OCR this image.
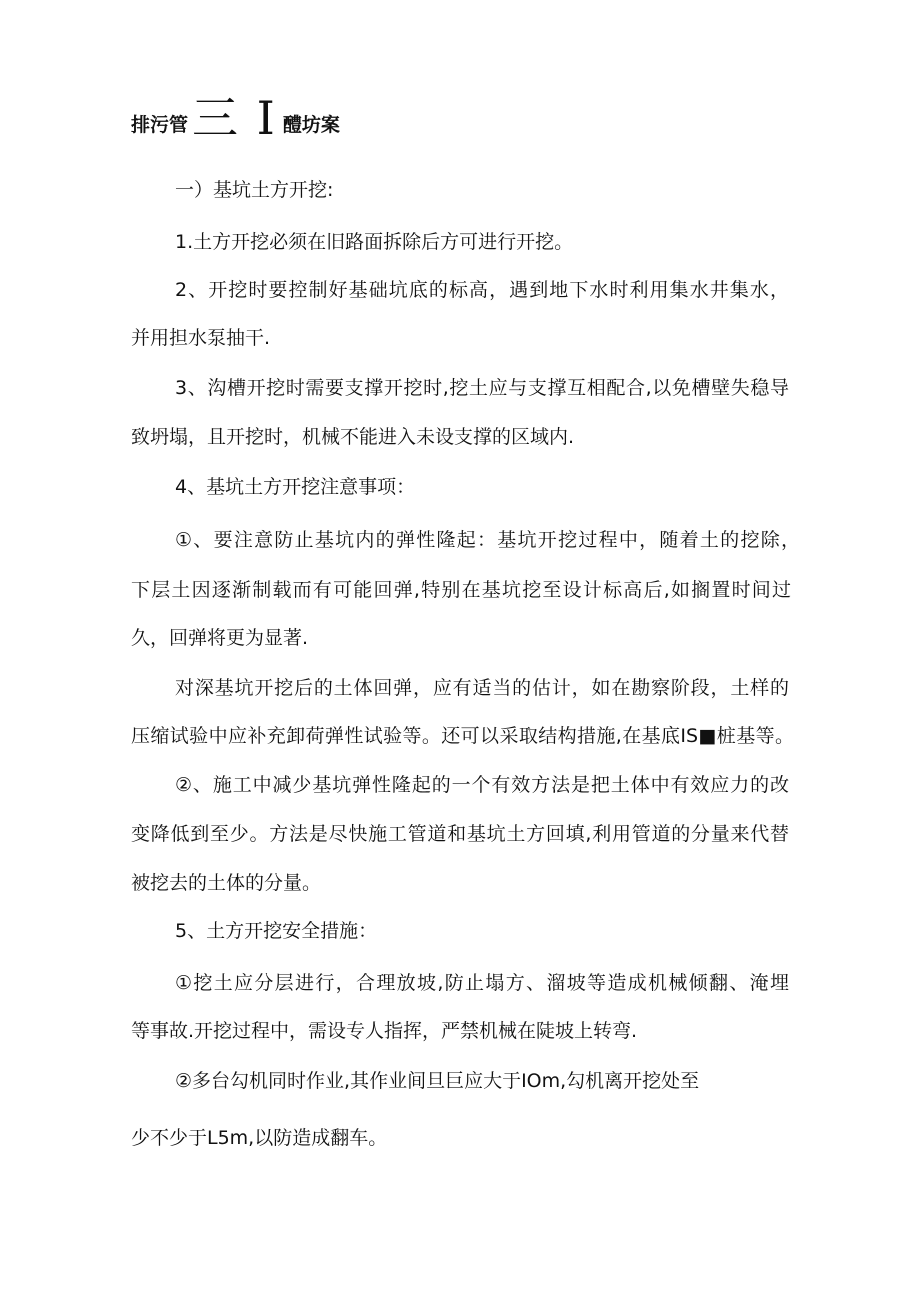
排污管 三 I 醴坊案

一）基坑土方开挖:

1.土方开挖必须在旧路面拆除后方可进行开挖。

2、开挖时要控制好基础坑底的标高，遇到地下水时利用集水井集水，

并用担水泵抽干.

3、沟槽开挖时需要支撑开挖时,挖土应与支撑互相配合,以免槽壁失稳导

致坍塌，且开挖时，机械不能进入未设支撑的区域内.

4、基坑土方开挖注意事项：

①、要注意防止基坑内的弹性隆起：基坑开挖过程中，随着土的挖除，

下层土因逐渐制载而有可能回弹,特别在基坑挖至设计标高后,如搁置时间过

久，回弹将更为显著.

对深基坑开挖后的土体回弹，应有适当的估计，如在勘察阶段，土样的

压缩试验中应补充卸荷弹性试验等。还可以采取结构措施,在基底IS■桩基等。

②、施工中减少基坑弹性隆起的一个有效方法是把土体中有效应力的改

变降低到至少。方法是尽快施工管道和基坑土方回填,利用管道的分量来代替

被挖去的土体的分量。

5、土方开挖安全措施：

①挖土应分层进行，合理放坡,防止塌方、溜坡等造成机械倾翻、淹埋

等事故.开挖过程中，需设专人指挥，严禁机械在陡坡上转弯.

②多台勾机同时作业,其作业间旦巨应大于IOm,勾机离开挖处至

少不少于L5m,以防造成翻车。
